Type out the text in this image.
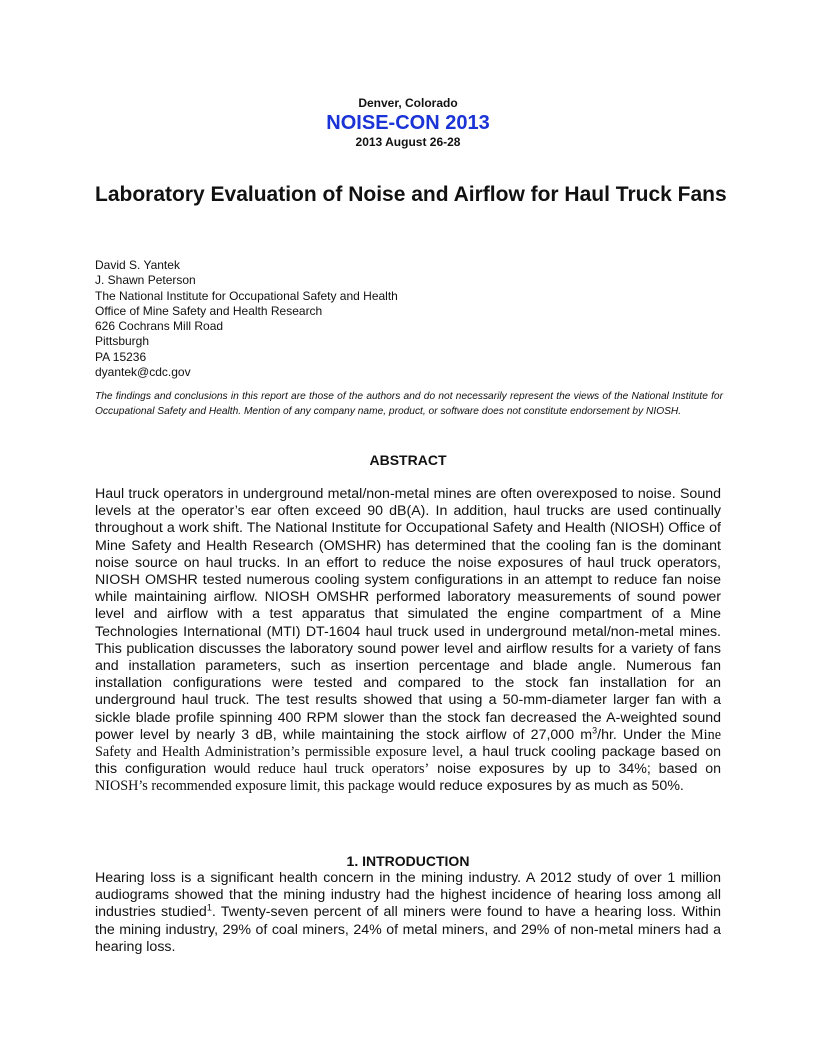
Denver, Colorado
NOISE-CON 2013
2013 August 26-28
Laboratory Evaluation of Noise and Airflow for Haul Truck Fans
David S. Yantek
J. Shawn Peterson
The National Institute for Occupational Safety and Health
Office of Mine Safety and Health Research
626 Cochrans Mill Road
Pittsburgh
PA 15236
dyantek@cdc.gov

The findings and conclusions in this report are those of the authors and do not necessarily represent the views of the National Institute for Occupational Safety and Health. Mention of any company name, product, or software does not constitute endorsement by NIOSH.

ABSTRACT

Haul truck operators in underground metal/non-metal mines are often overexposed to noise. Sound levels at the operator’s ear often exceed 90 dB(A). In addition, haul trucks are used continually throughout a work shift. The National Institute for Occupational Safety and Health (NIOSH) Office of Mine Safety and Health Research (OMSHR) has determined that the cooling fan is the dominant noise source on haul trucks. In an effort to reduce the noise exposures of haul truck operators, NIOSH OMSHR tested numerous cooling system configurations in an attempt to reduce fan noise while maintaining airflow. NIOSH OMSHR performed laboratory measurements of sound power level and airflow with a test apparatus that simulated the engine compartment of a Mine Technologies International (MTI) DT-1604 haul truck used in underground metal/non-metal mines. This publication discusses the laboratory sound power level and airflow results for a variety of fans and installation parameters, such as insertion percentage and blade angle. Numerous fan installation configurations were tested and compared to the stock fan installation for an underground haul truck. The test results showed that using a 50-mm-diameter larger fan with a sickle blade profile spinning 400 RPM slower than the stock fan decreased the A-weighted sound power level by nearly 3 dB, while maintaining the stock airflow of 27,000 $m^3/hr$. Under the Mine Safety and Health Administration’s permissible exposure level, a haul truck cooling package based on this configuration would reduce haul truck operators’ noise exposures by up to 34%; based on NIOSH’s recommended exposure limit, this package would reduce exposures by as much as 50%.

1. INTRODUCTION

Hearing loss is a significant health concern in the mining industry. A 2012 study of over 1 million audiograms showed that the mining industry had the highest incidence of hearing loss among all industries studied$^1$. Twenty-seven percent of all miners were found to have a hearing loss. Within the mining industry, 29% of coal miners, 24% of metal miners, and 29% of non-metal miners had a hearing loss.
